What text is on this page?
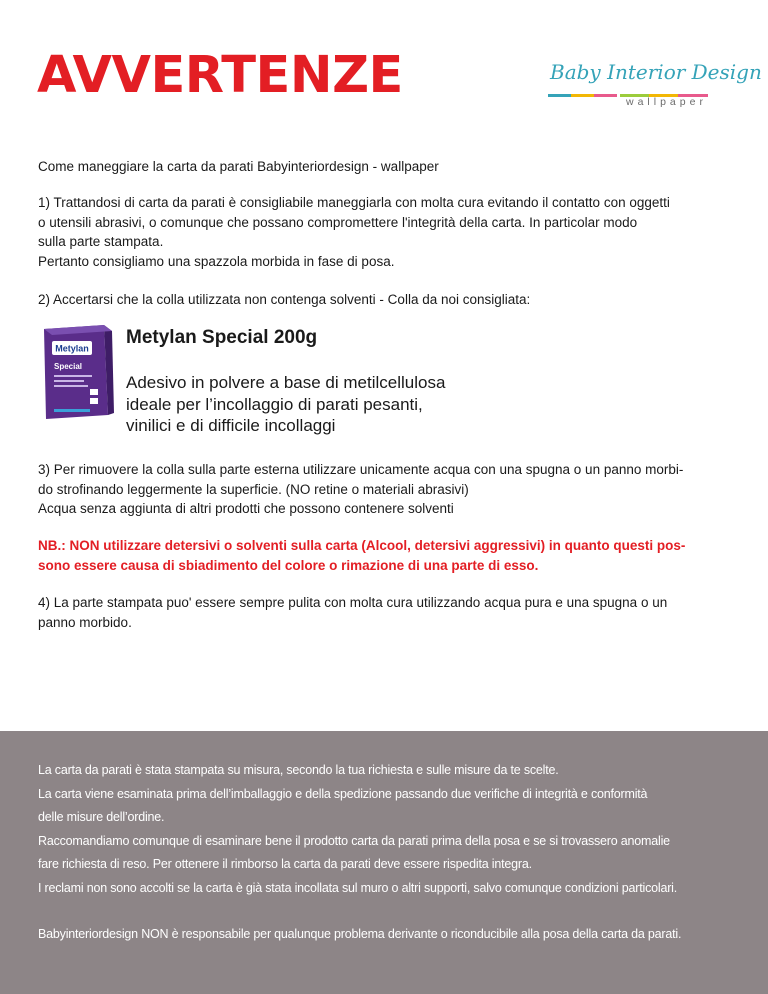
AVVERTENZE	Baby Interior Design
wallpaper

Come maneggiare la carta da parati Babyinteriordesign - wallpaper

1) Trattandosi di carta da parati è consigliabile maneggiarla con molta cura evitando il contatto con oggetti
o utensili abrasivi, o comunque che possano compromettere l'integrità della carta. In particolar modo
sulla parte stampata.
Pertanto consigliamo una spazzola morbida in fase di posa.

2) Accertarsi che la colla utilizzata non contenga solventi - Colla da noi consigliata:

Metylan
Special

Metylan Special 200g

Adesivo in polvere a base di metilcellulosa
ideale per l’incollaggio di parati pesanti,
vinilici e di difficile incollaggi

3) Per rimuovere la colla sulla parte esterna utilizzare unicamente acqua con una spugna o un panno morbi-
do strofinando leggermente la superficie. (NO retine o materiali abrasivi)
Acqua senza aggiunta di altri prodotti che possono contenere solventi

NB.: NON utilizzare detersivi o solventi sulla carta (Alcool, detersivi aggressivi) in quanto questi pos-
sono essere causa di sbiadimento del colore o rimazione di una parte di esso.

4) La parte stampata puo' essere sempre pulita con molta cura utilizzando acqua pura e una spugna o un
panno morbido.

La carta da parati è stata stampata su misura, secondo la tua richiesta e sulle misure da te scelte.

La carta viene esaminata prima dell’imballaggio e della spedizione passando due verifiche di integrità e conformità

delle misure dell’ordine.

Raccomandiamo comunque di esaminare bene il prodotto carta da parati prima della posa e se si trovassero anomalie

fare richiesta di reso. Per ottenere il rimborso la carta da parati deve essere rispedita integra.

I reclami non sono accolti se la carta è già stata incollata sul muro o altri supporti, salvo comunque condizioni particolari.

Babyinteriordesign NON è responsabile per qualunque problema derivante o riconducibile alla posa della carta da parati.
